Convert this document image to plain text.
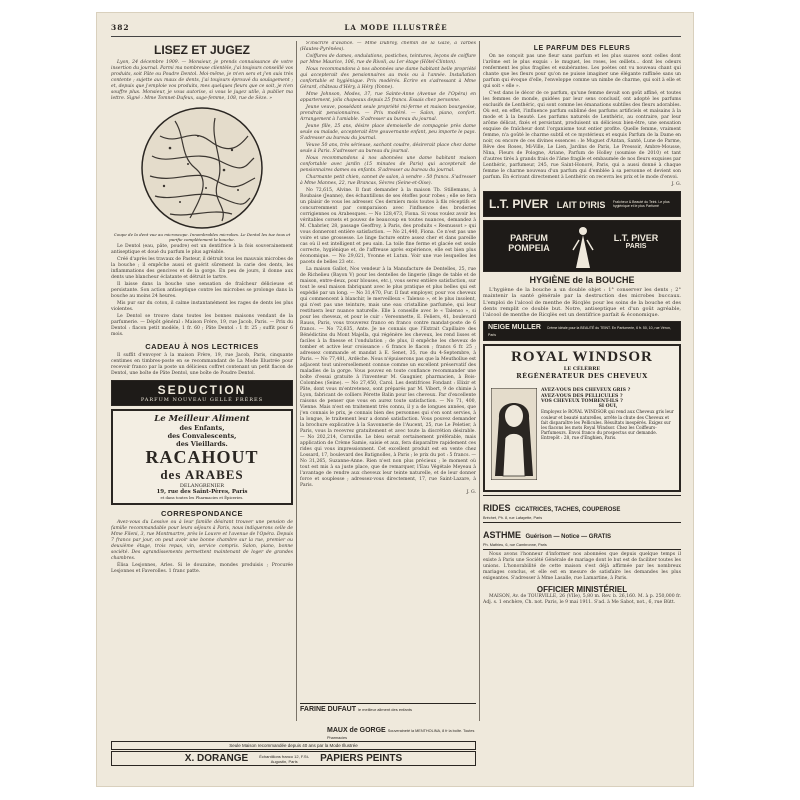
382	LA MODE ILLUSTRÉE
LISEZ ET JUGEZ

Lyon, 24 décembre 1909. — Monsieur, je prends connaissance de votre insertion du journal. Parmi ma nombreuse clientèle, j'ai toujours conseillé vos produits, soit Pâte ou Poudre Dentol. Moi-même, je m'en sers et j'en suis très contente ; sujette aux maux de dents, j'ai toujours éprouvé du soulagement ; et, depuis que j'emploie vos produits, mes quelques fleurs que ce soit, je n'en souffre plus. Monsieur, je vous autorise, si vous le jugez utile, à publier ma lettre. Signé : Mme Tomnet-Dufeux, sage-femme, 108, rue de Sèze. »

Coupe de la dent vue au microscope. Innombrables microbes. Le Dentol les tue tous et purifie complètement la bouche.

Le Dentol (eau, pâte, poudre) est un dentifrice à la fois souverainement antiseptique et doué du parfum le plus agréable.

Créé d'après les travaux de Pasteur, il détruit tous les mauvais microbes de la bouche ; il empêche aussi et guérit sûrement la carie des dents, les inflammations des gencives et de la gorge. En peu de jours, il donne aux dents une blancheur éclatante et détruit le tartre.

Il laisse dans la bouche une sensation de fraîcheur délicieuse et persistante. Son action antiseptique contre les microbes se prolonge dans la bouche au moins 24 heures.

Mis pur sur du coton, il calme instantanément les rages de dents les plus violentes.

Le Dentol se trouve dans toutes les bonnes maisons vendant de la parfumerie. — Dépôt général : Maison Frère, 19, rue Jacob, Paris. — Prix du Dentol : flacon petit modèle, 1 fr. 60 ; Pâte Dentol : 1 fr. 25 ; suffit pour 6 mois.

CADEAU À NOS LECTRICES

Il suffit d'envoyer à la maison Frère, 19, rue Jacob, Paris, cinquante centimes en timbres-poste en se recommandant de La Mode Illustrée pour recevoir franco par la poste un délicieux coffret contenant un petit flacon de Dentol, une boîte de Pâte Dentol, une boîte de Poudre Dentol.

SEDUCTION
PARFUM NOUVEAU GELLÉ FRÈRES
Le Meilleur Aliment
des Enfants,
des Convalescents,
des Vieillards.
RACAHOUT
des ARABES
DELANGRENIER
19, rue des Saint-Pères, Paris
et dans toutes les Pharmacies et Épiceries.
CORRESPONDANCE

Avez-vous du Lessive ou à leur famille désirant trouver une pension de famille recommandable pour leurs séjours à Paris, nous indiquerons celle de Mme Fileni, 3, rue Montmartre, près le Louvre et l'avenue de l'Opéra. Depuis 7 francs par jour, on peut avoir une bonne chambre sur la rue, premier ou deuxième étage, trois repas, vin, service compris. Salon, piano, bonne société. Des agrandissements permettent maintenant de loger de grandes chambres.

Élisa Lesjonnes, Arles. Si le douzaine, mondes produisis ; Procurée Lesjonnes et Faverolles. 1 franc patte.

S'inscrire d'avance. — Mme Dubroy, chemin de la Gaze, à Tarbes (Hautes-Pyrénées).

Coiffures de dames, ondulations, postiches, teintures, leçons de coiffure par Mme Maurice, 106, rue de Rivoli, au 1er étage (Hôtel-Clinton).

Nous recommandons à nos abonnées une dame habitant belle propriété qui accepterait des pensionnaires au mois ou à l'année. Installation confortable et hygiénique. Prix modérés. Écrire en s'adressant à Mme Gérard, château d'Héry, à Héry (Yonne).

Mme Johnson, Modes, 37, rue Sainte-Anne (Avenue de l'Opéra) en appartement, jolis chapeaux depuis 25 francs. Essais chez personne.

Jeune veuve, possédant seule propriété mi-ferme et maison bourgeoise, prendrait pensionnaires. — Prix modéré. — Salon, piano, confort. Arrangement à l'amiable. S'adresser au bureau du journal.

Jeune fille, 25 ans, désire place demoiselle de compagnie près dame seule ou malade, accepterait être gouvernante enfant, peu importe le pays. S'adresser au bureau du journal.

Veuve 50 ans, très sérieuse, sachant coudre, désirerait place chez dame seule à Paris. S'adresser au bureau du journal.

Nous recommandons à nos abonnées une dame habitant maison confortable avec jardin (15 minutes de Paris) qui accepterait de pensionnaires dames ou enfants. S'adresser au bureau du journal.

Charmante petit chien, cannet de salon, à vendre : 50 francs. S'adresser à Mme Mannes, 22, rue Brancas, Sèvres (Seine-et-Oise).

No 72,615, Alvine. Il faut demander à la maison Tb. Stillemans, à Roubaise (Jeanne), des échantillons de ses étoffes pour robes ; elle se fera un plaisir de vous les adresser. Ces derniers mois toutes à fils réceptifs et concurremment par comparaison avec l'influence des broderies corrigiennes ou Arabesques. — No 128,473, Fiona. Si vous voulez avoir les véritables corsets et pouvez de beaucoup en toutes nuances, demandez à M. Chabrier, 28, passage Geoffroy, à Paris, des produits « Resnussot » qui vous donneront entière satisfaction. — No 21,440, Fiona. Ce n'est pas une voire et une grossesse. Le linge facture entre assez cher et dans pareille cas où il est intelligent et peu sain. La toile fine ferme et glacée est seule correcte, hygiénique et, de l'affreuse après expérience, elle est bien plus économique. — No 29,021, Yvonne et Lutun. Voir une vue lesquelles les pacets de belles 23 etc.

La maison Gallot, Nos vendeur à la Manufacture de Dentelles, 25, rue de Richelieu (Bayon V) pour les dentelles de lingerie (linge de table et de maison, entre-deux, pour blouses, etc.), vous serez entière satisfaction, sur tout le seul maison fabriquant avec le plus pratique et plus belles qui est expédié par un long. — No 31,470, Fur. Il faut employer, pour vos cheveux qui commencent à blanchir, le merveilleux « Talenso », et le plus insolent, qui n'est pas une teinture, mais une eau cristalline parfumée, qui leur restituera leur nuance naturelle. Elle à conseille avec le « Talenso », si pour les cheveux, et pour le cuir : Vereonnette, E. Feliers, 41, boulevard Rauss, Paris, vous trouverez franco en franco contre mandat-poste de 6 francs. — No 72,635, Ante. Je ne connais que l'Extrait Capillaire des Bénédictins du Mont Majella, qui régénère les cheveux, les rend lisses et faciles à la finesse et l'ondulation ; de plus, il empêche les cheveux de tomber et active leur croissance : 6 francs le flacon ; francs 6 fr. 25 ; adressez commande et mandat à E. Senet, 35, rue du 4-Septembre, à Paris. — No 77,481, Ardèche. Nous n'épuiserons pas que la Meuthollue est adjacent tout universellement connue comme un excellent préservatif des maladies de la gorge. Vous pouvez en toute confiance recommander une boîte d'essai gratuite à l'inventeur M. Gaugnier, pharmacien, à Bois-Colombes (Seine). — No 27,450, Carol. Les dentifrices Fondant : Elixir et Pâte, dont vous m'entretenez, sont préparés par M. Vibert, 9 de chimie à Lyon, fabricant de colliers Pérette Balin pour les cheveux. Par d'excellente raisons de penser que vous en aurez toute satisfaction. — No 71, 400, Vienne. Mais n'est en traitement très connu, il y a de longues années, que j'en connais le prix, je connais bien des personnes qui s'en sont servies, à la longue, le traitement leur a donné satisfaction. Vous pouvez demander la brochure explicative à la Savonnerie de l'Aucent, 25, rue Le Peletier, à Paris, vous la recevrez gratuitement et avec toute la discrétion désirable. — No 202,214, Cornville. Le bleu serait certainement préférable, mais application de Crème Samie, saisie et aux, fera disparaître rapidement ces rides qui vous impressionnent. Cet excellent produit est en vente chez Lossard, 17, boulevard des Batignolles, à Paris ; le prix du pot : 5 francs. — No 31,265, Suzanne-Anne. Rien n'est non plus précieux ; le moment où tout est mis à sa juste place, que de remarquer, l'Eau Végétale Meyeau à l'avantage de rendre aux cheveux leur teinte naturelle, et de leur donner force et souplesse ; adressez-vous directement, 17, rue Saint-Lazare, à Paris.

J. G.

FARINE DUFAUT le meilleur aliment des enfants
MAUX de GORGE Souveraineté la MENTHOLINA, 8 fr la boîte. Toutes Pharmacies
LE PARFUM DES FLEURS

On ne conçoit pas une fleur sans parfum et les plus suaves sont celles dont l'arôme est le plus exquis : le muguet, les roses, les œillets... dont les odeurs renferment les plus fragiles et exubérantes. Les poètes ont vu nouveau chant qui chante que les fleurs pour qu'on ne puisse imaginer une élégante raffinée sans un parfum qui évoque d'elle, l'enveloppe comme un nimbe de charme, qui soit à elle et qui soit « elle ».

C'est dans le décor de ce parfum, qu'une femme devait son goût affiné, et toutes les femmes de monde, guidées par leur sens conclusif, ont adopté les parfums exclusifs de Lenthéric, qui sont comme les émanations subtiles des fleurs adorables. Où est, en effet, l'influence parfum sublimé des parfums artificiels et malsains à la mode et à la beauté. Les parfums naturels de Lenthéric, au contraire, par leur arôme délicat, fixés et persistant, produisent un délicieux bien-être, une sensation exquise de fraîcheur dont l'organisme tout entier profite. Quelle femme, vraiment femme, n'a goûté le charme subtil et ce mystérieux et exquis Parfum de la Dame en noir, ou encore de ces divines essences : le Muguet d'Antan, Santé, Lune de Parme, Rêve des Roses, Mi-Ville, Le Lien, Jardins de Paris, Le Pressoir, Ambre-Mousse, Nina, Fleurs de Pologne, Ariane, Parfum de Holley (soumise de 2010) et tant d'autres tirés à grands frais de l'âme fragile et embaumée de nos fleurs exquises par Lenthéric, parfumeur, 245, rue Saint-Honoré, Paris, qui a aussi donné à chaque femme le charme nouveau d'un parfum qui d'emblée à sa personne et devient son parfum. En écrivant directement à Lenthéric on recevra les prix et le mode d'envoi.

J. G.

L.T. PIVER LAIT D'IRIS Fraîcheur & Beauté du Teint. Le plus hygiénique et le plus Parfumé
PARFUM
POMPEIA
L.T. PIVER
PARIS
HYGIÈNE de la BOUCHE

L'hygiène de la bouche a un double objet : 1° conserver les dents ; 2° maintenir la santé générale par la destruction des microbes buccaux. L'emploi de l'alcool de menthe de Ricqlès pour les soins de la bouche et des dents remplit ce double but. Notre, antiseptique et d'un goût agréable, l'alcool de menthe de Ricqlès est un dentifrice parfait & économique.

NEIGE MULLER Crème idéale pour la BEAUTÉ du TEINT. En Parfumerie, 6 fr. 50, 10, rue Véron, Paris
ROYAL WINDSOR
LE CÉLÈBRE
RÉGÉNÉRATEUR DES CHEVEUX
AVEZ-VOUS DES CHEVEUX GRIS ?
AVEZ-VOUS DES PELLICULES ?
VOS CHEVEUX TOMBENT-ILS ?
SI OUI,
Employez le ROYAL WINDSOR qui rend aux Cheveux gris leur couleur et beauté naturelles, arrête la chute des Cheveux et fait disparaître les Pellicules. Résultats inespérés. Exigez sur les flacons les mots Royal Windsor. Chez les Coiffeurs-Parfumeurs. Envoi franco du prospectus sur demande. Entrepôt : 28, rue d'Enghien, Paris.
RIDES CICATRICES, TACHES, COUPEROSE
Bréchet, Ph. 8, rue Lafayette, Paris
ASTHME Guérison — Notice — GRATIS
Ph. Mathieu, 6, rue Cambronne, Paris

Nous avons l'honneur d'informer nos abonnées que depuis quelque temps il existe à Paris une Société Générale de mariage dont le but est de faciliter toutes les unions. L'honorabilité de cette maison s'est déjà affirmée par les nombreux mariages conclus, et elle est en mesure de satisfaire les demandes les plus exigeantes. S'adresser à Mme Lasalle, rue Lamartine, à Paris.

OFFICIER MINISTÉRIEL

MAISON, Av. de TOURVILLE, 26 (VIIe), 5,80 m. Rev. b. 26,160. M. à p. 250,000 fr. Adj. s. 1 enchère, Ch. not. Paris, le 9 mai 1911. S'ad. à Me Sabot, not., 6, rue Bütt.

Seule Maison recommandée depuis 40 ans par la Mode Illustrée
X. DORANGE	Échantillons franco 12, F.St-Augustin, Paris	PAPIERS PEINTS
